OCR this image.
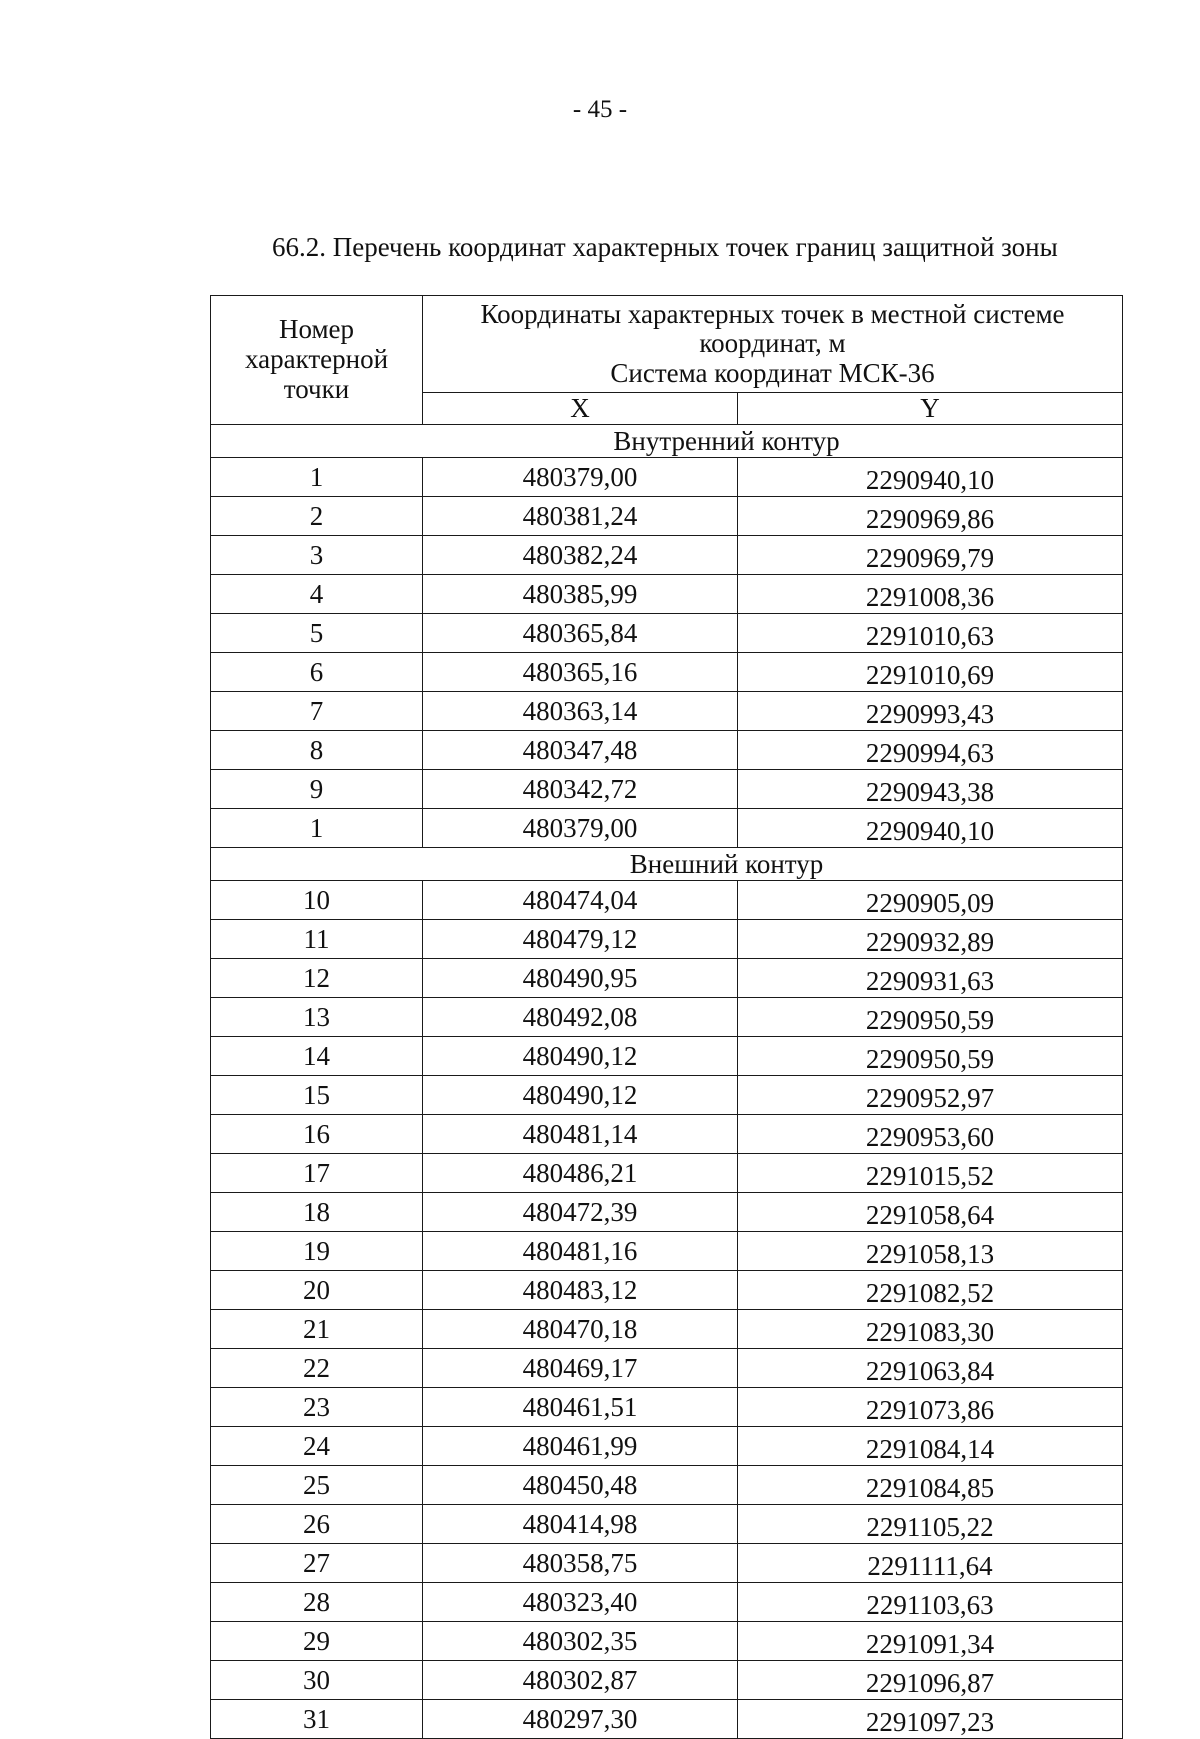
- 45 -
66.2. Перечень координат характерных точек границ защитной зоны
Номер характерной точки	Координаты характерных точек в местной системе координат, м
Система координат МСК-36	

	X	Y
Внутренний контур		
1	480379,00	2290940,10
2	480381,24	2290969,86
3	480382,24	2290969,79
4	480385,99	2291008,36
5	480365,84	2291010,63
6	480365,16	2291010,69
7	480363,14	2290993,43
8	480347,48	2290994,63
9	480342,72	2290943,38
1	480379,00	2290940,10
Внешний контур		
10	480474,04	2290905,09
11	480479,12	2290932,89
12	480490,95	2290931,63
13	480492,08	2290950,59
14	480490,12	2290950,59
15	480490,12	2290952,97
16	480481,14	2290953,60
17	480486,21	2291015,52
18	480472,39	2291058,64
19	480481,16	2291058,13
20	480483,12	2291082,52
21	480470,18	2291083,30
22	480469,17	2291063,84
23	480461,51	2291073,86
24	480461,99	2291084,14
25	480450,48	2291084,85
26	480414,98	2291105,22
27	480358,75	2291111,64
28	480323,40	2291103,63
29	480302,35	2291091,34
30	480302,87	2291096,87
31	480297,30	2291097,23
